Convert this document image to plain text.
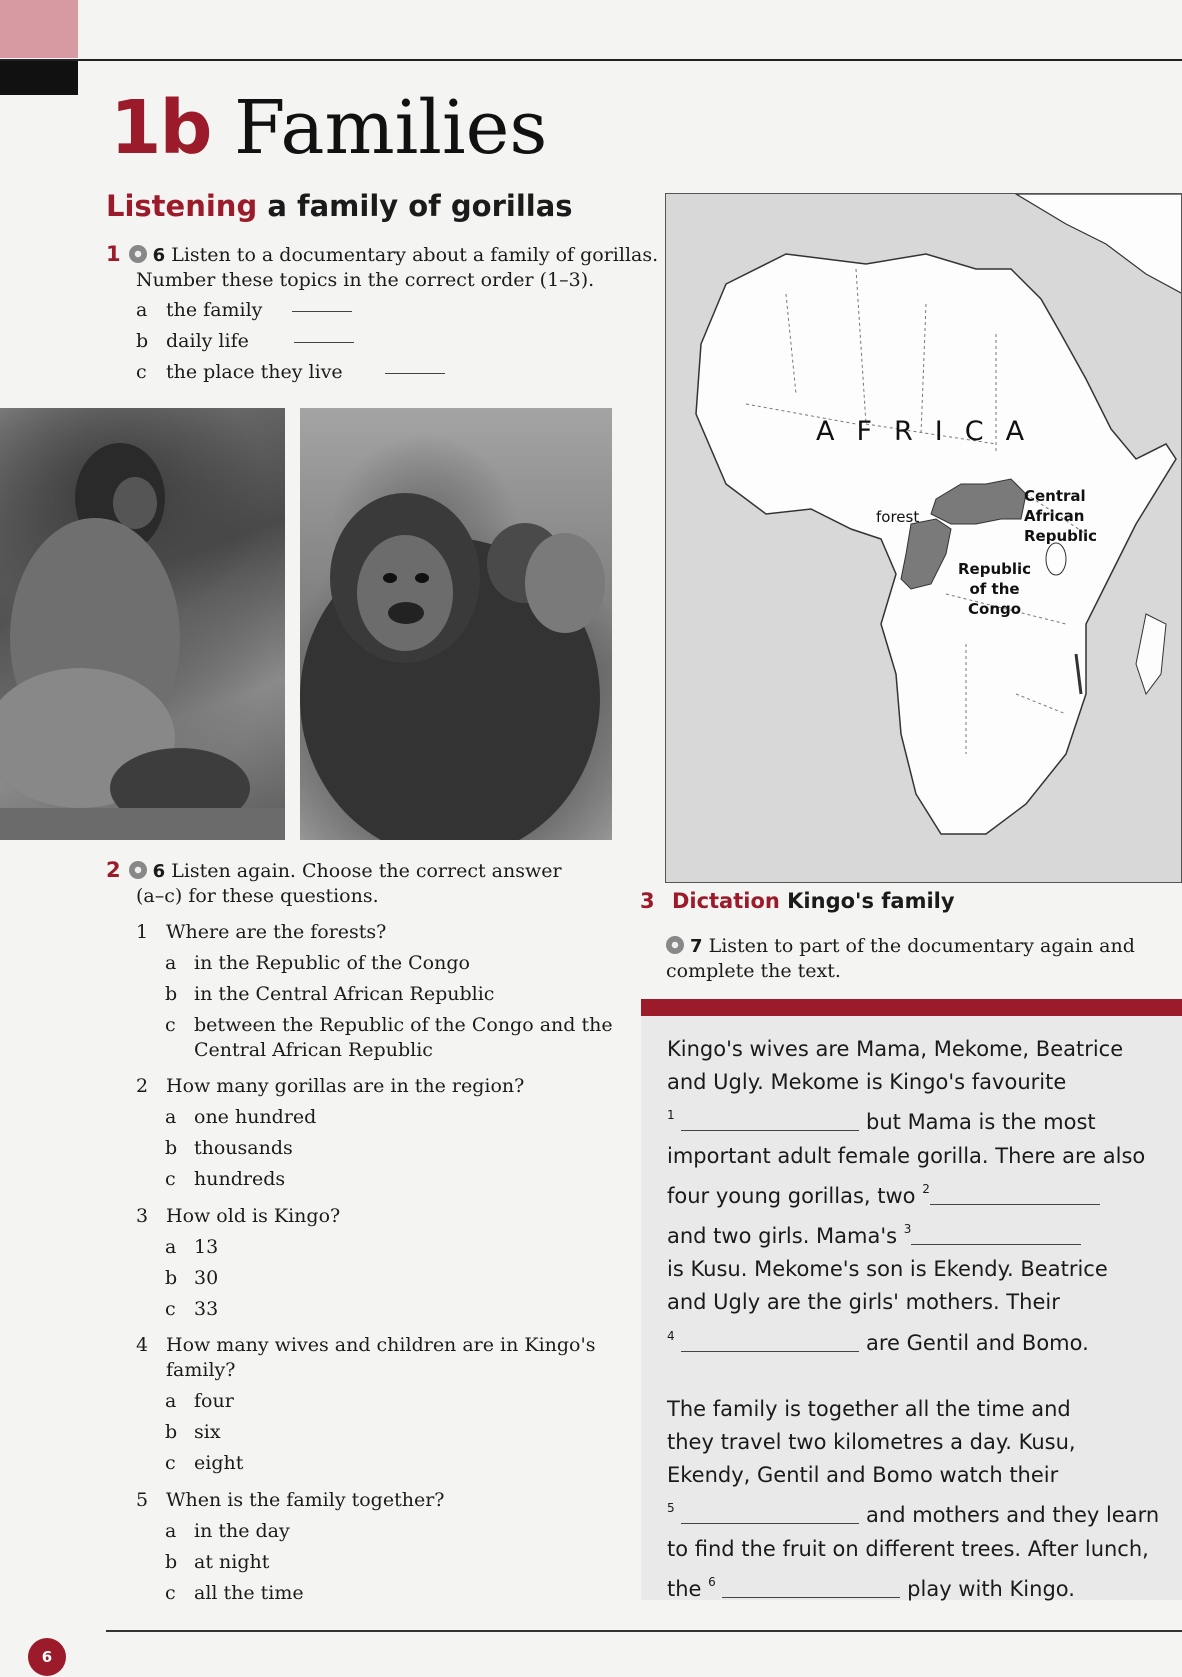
1b Families
Listening a family of gorillas
1 6 Listen to a documentary about a family of gorillas.
Number these topics in the correct order (1–3).
a the family
b daily life
c the place they live
AFRICA
forest
Central
African
Republic
Republic
of the
Congo
2 6 Listen again. Choose the correct answer
(a–c) for these questions.
1 Where are the forests?
a in the Republic of the Congo
b in the Central African Republic
c between the Republic of the Congo and the Central African Republic
2 How many gorillas are in the region?
a one hundred
b thousands
c hundreds
3 How old is Kingo?
a 13
b 30
c 33
4 How many wives and children are in Kingo's family?
a four
b six
c eight
5 When is the family together?
a in the day
b at night
c all the time
3 Dictation Kingo's family
7 Listen to part of the documentary again and
complete the text.
Kingo's wives are Mama, Mekome, Beatrice
and Ugly. Mekome is Kingo's favourite
$^1$	but Mama is the most
important adult female gorilla. There are also
four young gorillas, two $^2$
and two girls. Mama's $^3$
is Kusu. Mekome's son is Ekendy. Beatrice
and Ugly are the girls' mothers. Their
$^4$	are Gentil and Bomo.
The family is together all the time and
they travel two kilometres a day. Kusu,
Ekendy, Gentil and Bomo watch their
$^5$	and mothers and they learn
to find the fruit on different trees. After lunch,
the $^6$	play with Kingo.
6
